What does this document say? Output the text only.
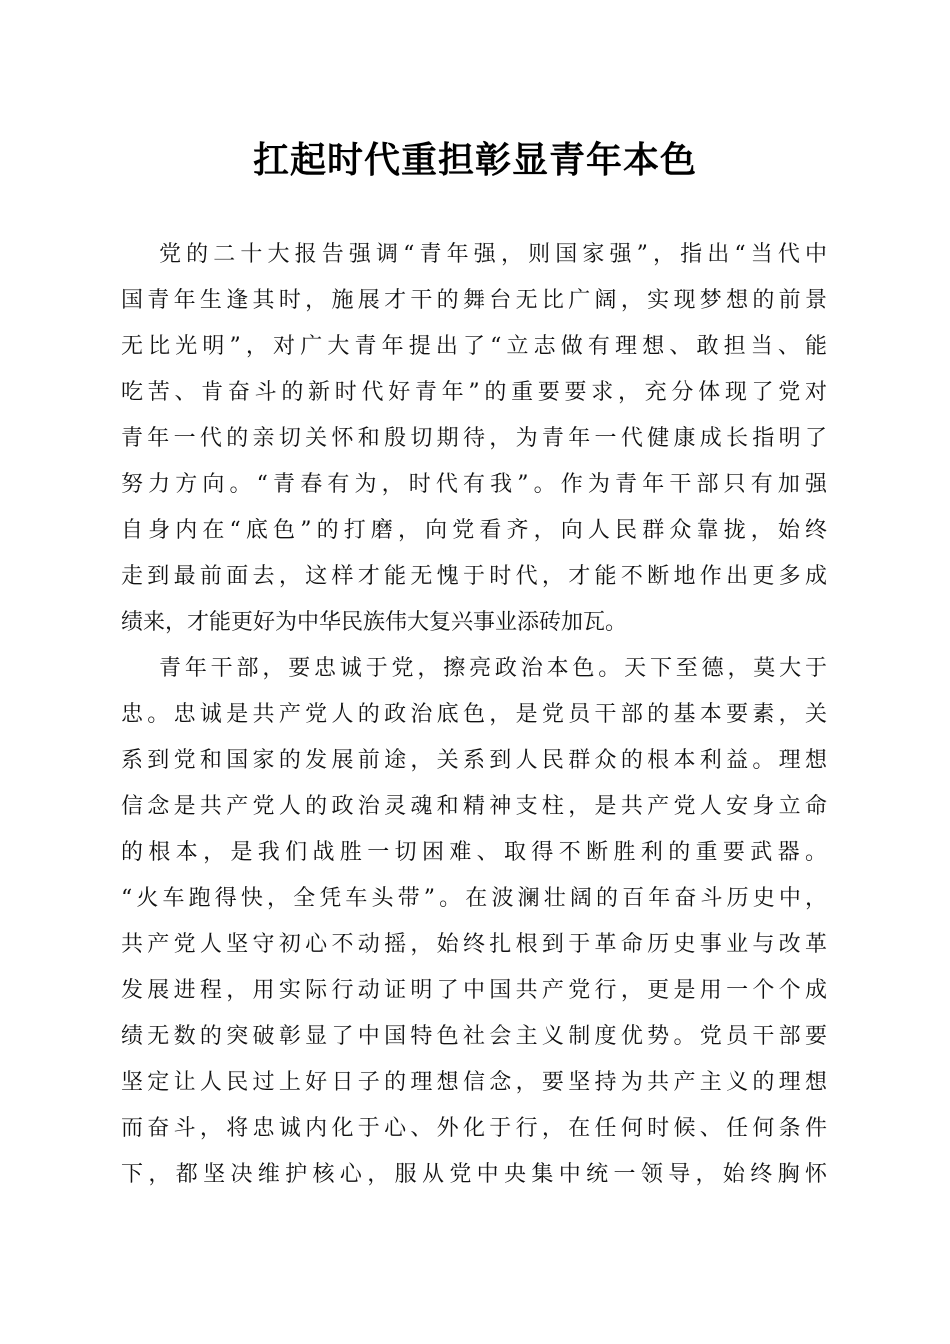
扛起时代重担彰显青年本色
党的二十大报告强调“青年强，则国家强”，指出“当代中
国青年生逢其时，施展才干的舞台无比广阔，实现梦想的前景
无比光明”，对广大青年提出了“立志做有理想、敢担当、能
吃苦、肯奋斗的新时代好青年”的重要要求，充分体现了党对
青年一代的亲切关怀和殷切期待，为青年一代健康成长指明了
努力方向。“青春有为，时代有我”。作为青年干部只有加强
自身内在“底色”的打磨，向党看齐，向人民群众靠拢，始终
走到最前面去，这样才能无愧于时代，才能不断地作出更多成
绩来，才能更好为中华民族伟大复兴事业添砖加瓦。
青年干部，要忠诚于党，擦亮政治本色。天下至德，莫大于
忠。忠诚是共产党人的政治底色，是党员干部的基本要素，关
系到党和国家的发展前途，关系到人民群众的根本利益。理想
信念是共产党人的政治灵魂和精神支柱，是共产党人安身立命
的根本，是我们战胜一切困难、取得不断胜利的重要武器。
“火车跑得快，全凭车头带”。在波澜壮阔的百年奋斗历史中，
共产党人坚守初心不动摇，始终扎根到于革命历史事业与改革
发展进程，用实际行动证明了中国共产党行，更是用一个个成
绩无数的突破彰显了中国特色社会主义制度优势。党员干部要
坚定让人民过上好日子的理想信念，要坚持为共产主义的理想
而奋斗，将忠诚内化于心、外化于行，在任何时候、任何条件
下，都坚决维护核心，服从党中央集中统一领导，始终胸怀
